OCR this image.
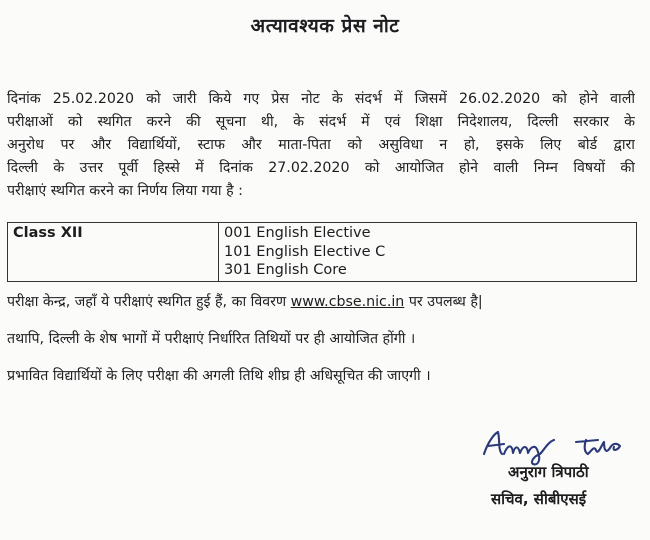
अत्यावश्यक प्रेस नोट
दिनांक 25.02.2020 को जारी किये गए प्रेस नोट के संदर्भ में जिसमें 26.02.2020 को होने वाली
परीक्षाओं को स्थगित करने की सूचना थी, के संदर्भ में एवं शिक्षा निदेशालय, दिल्ली सरकार के
अनुरोध पर और विद्यार्थियों, स्टाफ और माता-पिता को असुविधा न हो, इसके लिए बोर्ड द्वारा
दिल्ली के उत्तर पूर्वी हिस्से में दिनांक 27.02.2020 को आयोजित होने वाली निम्न विषयों की
परीक्षाएं स्थगित करने का निर्णय लिया गया है :
Class XII	001 English Elective
101 English Elective C
301 English Core
परीक्षा केन्द्र, जहाँ ये परीक्षाएं स्थगित हुई हैं, का विवरण www.cbse.nic.in पर उपलब्ध है|
तथापि, दिल्ली के शेष भागों में परीक्षाएं निर्धारित तिथियों पर ही आयोजित होंगी ।
प्रभावित विद्यार्थियों के लिए परीक्षा की अगली तिथि शीघ्र ही अधिसूचित की जाएगी ।
अनुराग त्रिपाठी
सचिव, सीबीएसई
